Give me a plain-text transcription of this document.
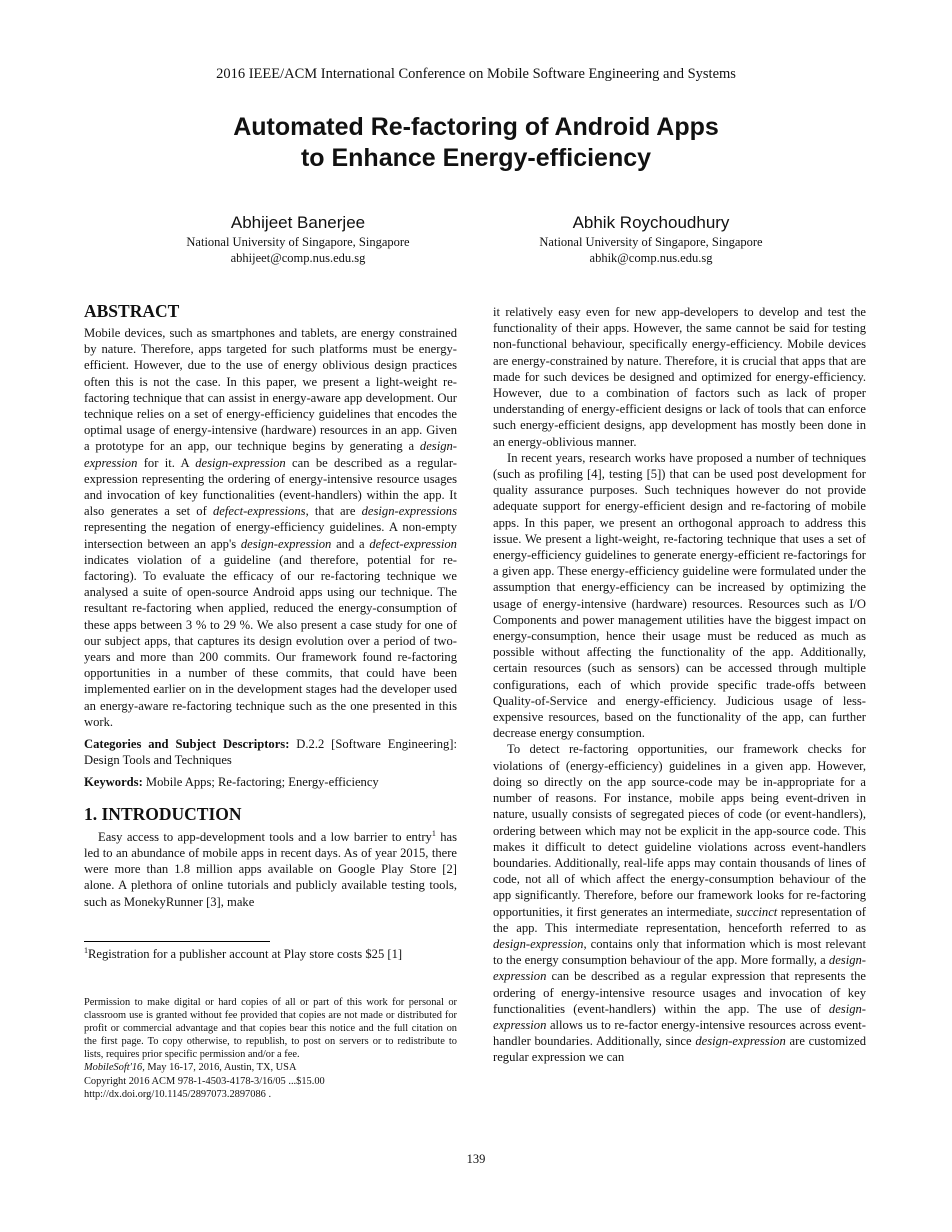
2016 IEEE/ACM International Conference on Mobile Software Engineering and Systems
Automated Re-factoring of Android Apps
to Enhance Energy-efficiency
Abhijeet Banerjee
National University of Singapore, Singapore
abhijeet@comp.nus.edu.sg
Abhik Roychoudhury
National University of Singapore, Singapore
abhik@comp.nus.edu.sg
ABSTRACT

Mobile devices, such as smartphones and tablets, are energy constrained by nature. Therefore, apps targeted for such platforms must be energy-efficient. However, due to the use of energy oblivious design practices often this is not the case. In this paper, we present a light-weight re-factoring technique that can assist in energy-aware app development. Our technique relies on a set of energy-efficiency guidelines that encodes the optimal usage of energy-intensive (hardware) resources in an app. Given a prototype for an app, our technique begins by generating a design-expression for it. A design-expression can be described as a regular-expression representing the ordering of energy-intensive resource usages and invocation of key functionalities (event-handlers) within the app. It also generates a set of defect-expressions, that are design-expressions representing the negation of energy-efficiency guidelines. A non-empty intersection between an app's design-expression and a defect-expression indicates violation of a guideline (and therefore, potential for re-factoring). To evaluate the efficacy of our re-factoring technique we analysed a suite of open-source Android apps using our technique. The resultant re-factoring when applied, reduced the energy-consumption of these apps between 3 % to 29 %. We also present a case study for one of our subject apps, that captures its design evolution over a period of two-years and more than 200 commits. Our framework found re-factoring opportunities in a number of these commits, that could have been implemented earlier on in the development stages had the developer used an energy-aware re-factoring technique such as the one presented in this work.

Categories and Subject Descriptors: D.2.2 [Software Engineering]: Design Tools and Techniques

Keywords: Mobile Apps; Re-factoring; Energy-efficiency

1. INTRODUCTION

Easy access to app-development tools and a low barrier to entry$^1$ has led to an abundance of mobile apps in recent days. As of year 2015, there were more than 1.8 million apps available on Google Play Store [2] alone. A plethora of online tutorials and publicly available testing tools, such as MonekyRunner [3], make

$^1$Registration for a publisher account at Play store costs $25 [1]

Permission to make digital or hard copies of all or part of this work for personal or classroom use is granted without fee provided that copies are not made or distributed for profit or commercial advantage and that copies bear this notice and the full citation on the first page. To copy otherwise, to republish, to post on servers or to redistribute to lists, requires prior specific permission and/or a fee.

MobileSoft'16, May 16-17, 2016, Austin, TX, USA

Copyright 2016 ACM 978-1-4503-4178-3/16/05 ...$15.00

http://dx.doi.org/10.1145/2897073.2897086 .

it relatively easy even for new app-developers to develop and test the functionality of their apps. However, the same cannot be said for testing non-functional behaviour, specifically energy-efficiency. Mobile devices are energy-constrained by nature. Therefore, it is crucial that apps that are made for such devices be designed and optimized for energy-efficiency. However, due to a combination of factors such as lack of proper understanding of energy-efficient designs or lack of tools that can enforce such energy-efficient designs, app development has mostly been done in an energy-oblivious manner.

In recent years, research works have proposed a number of techniques (such as profiling [4], testing [5]) that can be used post development for quality assurance purposes. Such techniques however do not provide adequate support for energy-efficient design and re-factoring of mobile apps. In this paper, we present an orthogonal approach to address this issue. We present a light-weight, re-factoring technique that uses a set of energy-efficiency guidelines to generate energy-efficient re-factorings for a given app. These energy-efficiency guideline were formulated under the assumption that energy-efficiency can be increased by optimizing the usage of energy-intensive (hardware) resources. Resources such as I/O Components and power management utilities have the biggest impact on energy-consumption, hence their usage must be reduced as much as possible without affecting the functionality of the app. Additionally, certain resources (such as sensors) can be accessed through multiple configurations, each of which provide specific trade-offs between Quality-of-Service and energy-efficiency. Judicious usage of less-expensive resources, based on the functionality of the app, can further decrease energy consumption.

To detect re-factoring opportunities, our framework checks for violations of (energy-efficiency) guidelines in a given app. However, doing so directly on the app source-code may be in-appropriate for a number of reasons. For instance, mobile apps being event-driven in nature, usually consists of segregated pieces of code (or event-handlers), ordering between which may not be explicit in the app-source code. This makes it difficult to detect guideline violations across event-handlers boundaries. Additionally, real-life apps may contain thousands of lines of code, not all of which affect the energy-consumption behaviour of the app significantly. Therefore, before our framework looks for re-factoring opportunities, it first generates an intermediate, succinct representation of the app. This intermediate representation, henceforth referred to as design-expression, contains only that information which is most relevant to the energy consumption behaviour of the app. More formally, a design-expression can be described as a regular expression that represents the ordering of energy-intensive resource usages and invocation of key functionalities (event-handlers) within the app. The use of design-expression allows us to re-factor energy-intensive resources across event-handler boundaries. Additionally, since design-expression are customized regular expression we can

139
